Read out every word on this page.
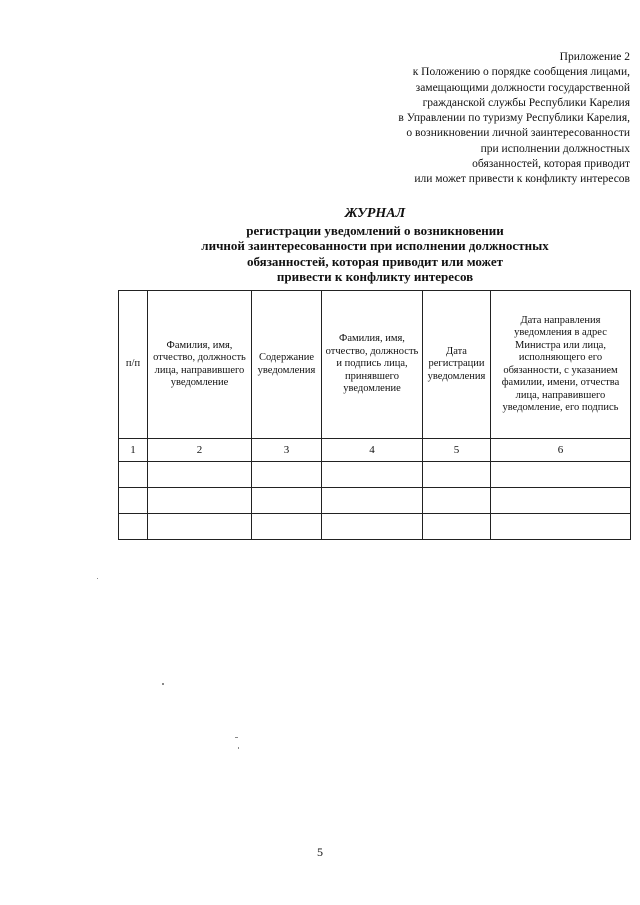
Приложение 2
к Положению о порядке сообщения лицами,
замещающими должности государственной
гражданской службы Республики Карелия
в Управлении по туризму Республики Карелия,
о возникновении личной заинтересованности
при исполнении должностных
обязанностей, которая приводит
или может привести к конфликту интересов
ЖУРНАЛ
регистрации уведомлений о возникновении
личной заинтересованности при исполнении должностных
обязанностей, которая приводит или может
привести к конфликту интересов
п/п	Фамилия, имя, отчество, должность лица, направившего уведомление	Содержание уведомления	Фамилия, имя, отчество, должность и подпись лица, принявшего уведомление	Дата регистрации уведомления	Дата направления уведомления в адрес Министра или лица, исполняющего его обязанности, с указанием фамилии, имени, отчества лица, направившего уведомление, его подпись
1	2	3	4	5	6

5
